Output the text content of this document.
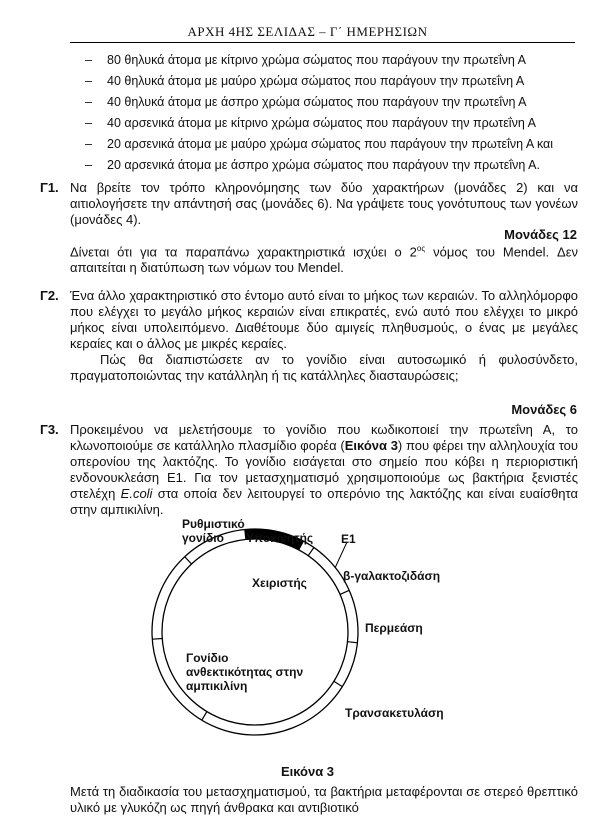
ΑΡΧΗ 4ΗΣ ΣΕΛΙΔΑΣ – Γ΄ ΗΜΕΡΗΣΙΩΝ
– 80 θηλυκά άτομα με κίτρινο χρώμα σώματος που παράγουν την πρωτεΐνη Α
– 40 θηλυκά άτομα με μαύρο χρώμα σώματος που παράγουν την πρωτεΐνη Α
– 40 θηλυκά άτομα με άσπρο χρώμα σώματος που παράγουν την πρωτεΐνη Α
– 40 αρσενικά άτομα με κίτρινο χρώμα σώματος που παράγουν την πρωτεΐνη Α
– 20 αρσενικά άτομα με μαύρο χρώμα σώματος που παράγουν την πρωτεΐνη Α και
– 20 αρσενικά άτομα με άσπρο χρώμα σώματος που παράγουν την πρωτεΐνη Α.
Γ1. Να βρείτε τον τρόπο κληρονόμησης των δύο χαρακτήρων (μονάδες 2) και να αιτιολογήσετε την απάντησή σας (μονάδες 6). Να γράψετε τους γονότυπους των γονέων (μονάδες 4).

Μονάδες 12

Δίνεται ότι για τα παραπάνω χαρακτηριστικά ισχύει ο $2^{o\varsigma}$ νόμος του Mendel. Δεν απαιτείται η διατύπωση των νόμων του Mendel.

Γ2. Ένα άλλο χαρακτηριστικό στο έντομο αυτό είναι το μήκος των κεραιών. Το αλληλόμορφο που ελέγχει το μεγάλο μήκος κεραιών είναι επικρατές, ενώ αυτό που ελέγχει το μικρό μήκος είναι υπολειπόμενο. Διαθέτουμε δύο αμιγείς πληθυσμούς, ο ένας με μεγάλες κεραίες και ο άλλος με μικρές κεραίες.

Πώς θα διαπιστώσετε αν το γονίδιο είναι αυτοσωμικό ή φυλοσύνδετο, πραγματοποιώντας την κατάλληλη ή τις κατάλληλες διασταυρώσεις;

Μονάδες 6
Γ3. Προκειμένου να μελετήσουμε το γονίδιο που κωδικοποιεί την πρωτεΐνη Α, το κλωνοποιούμε σε κατάλληλο πλασμίδιο φορέα (Εικόνα 3) που φέρει την αλληλουχία του οπερονίου της λακτόζης. Το γονίδιο εισάγεται στο σημείο που κόβει η περιοριστική ενδονουκλεάση Ε1. Για τον μετασχηματισμό χρησιμοποιούμε ως βακτήρια ξενιστές στελέχη E.coli στα οποία δεν λειτουργεί το οπερόνιο της λακτόζης και είναι ευαίσθητα στην αμπικιλίνη.

Ρυθμιστικό
γονίδιο	Υποκινητής Ε1
Χειριστής	β-γαλακτοζιδάση
Περμεάση
Γονίδιο
ανθεκτικότητας στην
αμπικιλίνη
Τρανσακετυλάση
Εικόνα 3

Μετά τη διαδικασία του μετασχηματισμού, τα βακτήρια μεταφέρονται σε στερεό θρεπτικό υλικό με γλυκόζη ως πηγή άνθρακα και αντιβιοτικό
